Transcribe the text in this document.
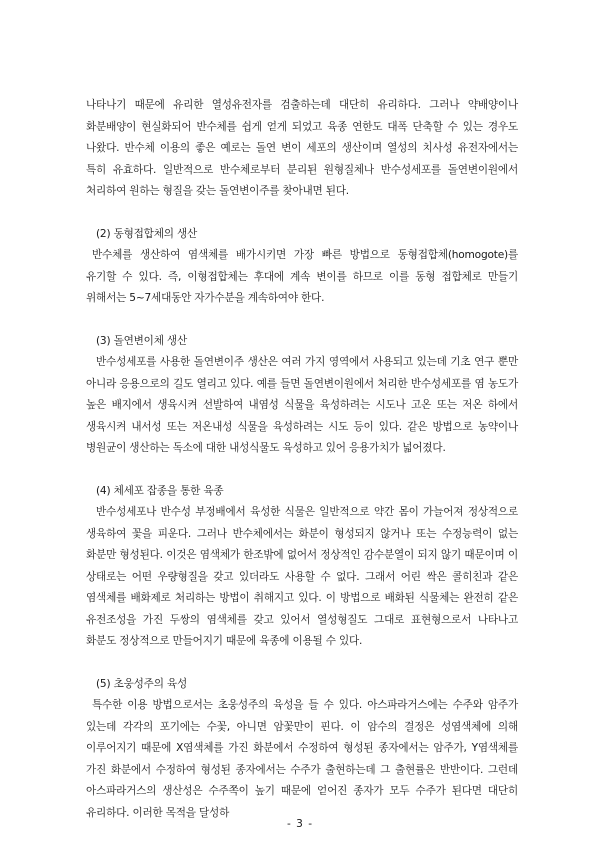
나타나기 때문에 유리한 열성유전자를 검출하는데 대단히 유리하다. 그러나 약배양이나 화분배양이 현실화되어 반수체를 쉽게 얻게 되었고 육종 연한도 대폭 단축할 수 있는 경우도 나왔다. 반수체 이용의 좋은 예로는 돌연 변이 세포의 생산이며 열성의 치사성 유전자에서는 특히 유효하다. 일반적으로 반수체로부터 분리된 원형질체나 반수성세포를 돌연변이원에서 처리하여 원하는 형질을 갖는 돌연변이주를 찾아내면 된다.

(2) 동형접합체의 생산

반수체를 생산하여 염색체를 배가시키면 가장 빠른 방법으로 동형접합체(homogote)를 유기할 수 있다. 즉, 이형접합체는 후대에 계속 변이를 하므로 이를 동형 접합체로 만들기 위해서는 5~7세대동안 자가수분을 계속하여야 한다.

(3) 돌연변이체 생산

반수성세포를 사용한 돌연변이주 생산은 여러 가지 영역에서 사용되고 있는데 기초 연구 뿐만 아니라 응용으로의 길도 열리고 있다. 예를 들면 돌연변이원에서 처리한 반수성세포를 염 농도가 높은 배지에서 생육시켜 선발하여 내염성 식물을 육성하려는 시도나 고온 또는 저온 하에서 생육시켜 내서성 또는 저온내성 식물을 육성하려는 시도 등이 있다. 같은 방법으로 농약이나 병원균이 생산하는 독소에 대한 내성식물도 육성하고 있어 응용가치가 넓어졌다.

(4) 체세포 잡종을 통한 육종

반수성세포나 반수성 부정배에서 육성한 식물은 일반적으로 약간 몸이 가늘어져 정상적으로 생육하여 꽃을 피운다. 그러나 반수체에서는 화분이 형성되지 않거나 또는 수정능력이 없는 화분만 형성된다. 이것은 염색체가 한조밖에 없어서 정상적인 감수분열이 되지 않기 때문이며 이 상태로는 어떤 우량형질을 갖고 있더라도 사용할 수 없다. 그래서 어린 싹은 콜히친과 같은 염색체를 배화제로 처리하는 방법이 취해지고 있다. 이 방법으로 배화된 식물체는 완전히 같은 유전조성을 가진 두쌍의 염색체를 갖고 있어서 열성형질도 그대로 표현형으로서 나타나고 화분도 정상적으로 만들어지기 때문에 육종에 이용될 수 있다.

(5) 초웅성주의 육성

특수한 이용 방법으로서는 초웅성주의 육성을 들 수 있다. 아스파라거스에는 수주와 암주가 있는데 각각의 포기에는 수꽃, 아니면 암꽃만이 핀다. 이 암수의 결정은 성염색체에 의해 이루어지기 때문에 X염색체를 가진 화분에서 수정하여 형성된 종자에서는 암주가, Y염색체를 가진 화분에서 수정하여 형성된 종자에서는 수주가 출현하는데 그 출현률은 반반이다. 그런데 아스파라거스의 생산성은 수주쪽이 높기 때문에 얻어진 종자가 모두 수주가 된다면 대단히 유리하다. 이러한 목적을 달성하

- 3 -
